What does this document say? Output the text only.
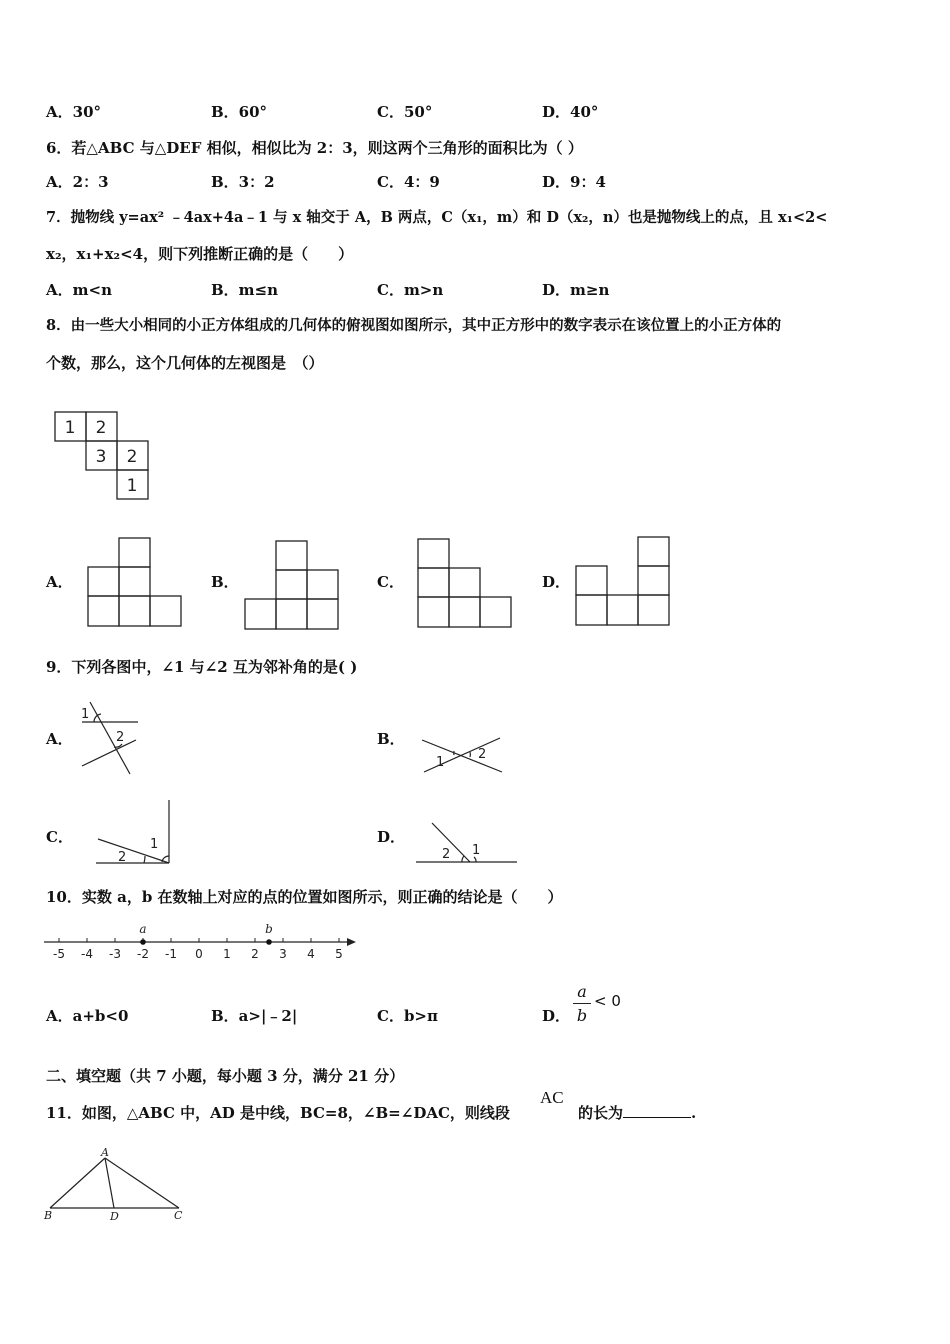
A．30°	B．60°	C．50°	D．40°
6．若△ABC 与△DEF 相似，相似比为 2：3，则这两个三角形的面积比为（ ）
A．2：3	B．3：2	C．4：9	D．9：4
7．抛物线 y=ax² ﹣4ax+4a﹣1 与 x 轴交于 A，B 两点，C（x₁，m）和 D（x₂，n）也是抛物线上的点，且 x₁<2<
x₂，x₁+x₂<4，则下列推断正确的是（　　）
A．m<n	B．m≤n	C．m>n	D．m≥n
8．由一些大小相同的小正方体组成的几何体的俯视图如图所示，其中正方形中的数字表示在该位置上的小正方体的
个数，那么，这个几何体的左视图是　（）
1 2
3 2
1
A．	B．	C．	D．
9．下列各图中，∠1 与∠2 互为邻补角的是( )
A．
1
2	B．
1
2
C．	1
2
D．
2 1
10．实数 a，b 在数轴上对应的点的位置如图所示，则正确的结论是（　　）
-5 -4 -3 -2 -1 0 1 2 3 4 5
a	b
A．a+b<0	B．a>|﹣2|	C．b>π	D．
a
b
< 0
二、填空题（共 7 小题，每小题 3 分，满分 21 分）
11．如图，△ABC 中，AD 是中线，BC=8，∠B=∠DAC，则线段
AC
的长为	.
A
B	D	C
